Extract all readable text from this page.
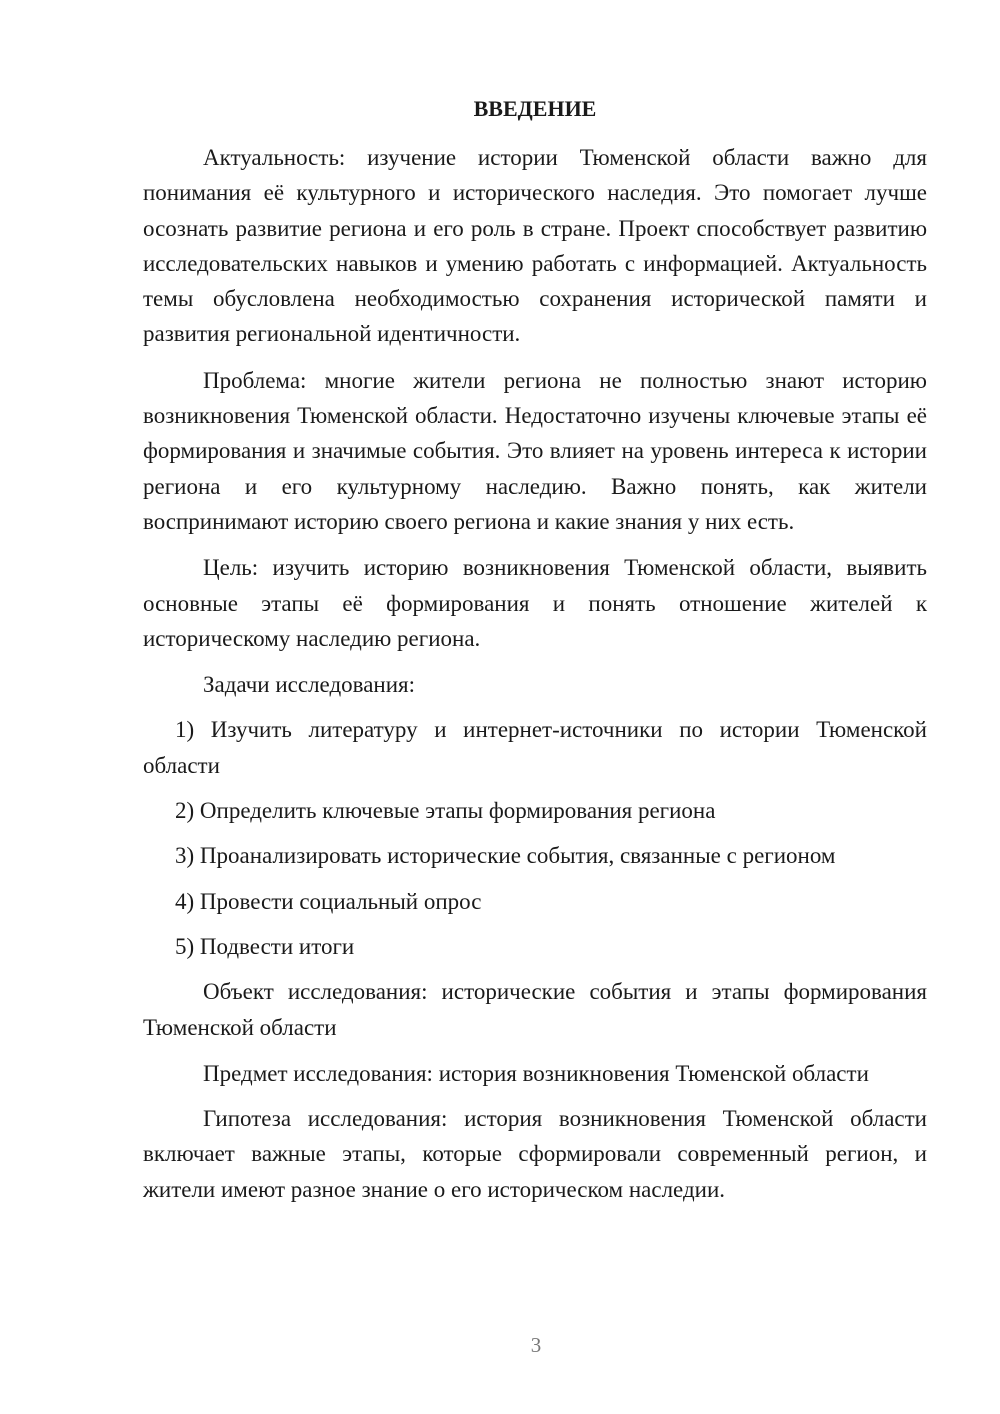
ВВЕДЕНИЕ

Актуальность: изучение истории Тюменской области важно для понимания её культурного и исторического наследия. Это помогает лучше осознать развитие региона и его роль в стране. Проект способствует развитию исследовательских навыков и умению работать с информацией. Актуальность темы обусловлена необходимостью сохранения исторической памяти и развития региональной идентичности.

Проблема: многие жители региона не полностью знают историю возникновения Тюменской области. Недостаточно изучены ключевые этапы её формирования и значимые события. Это влияет на уровень интереса к истории региона и его культурному наследию. Важно понять, как жители воспринимают историю своего региона и какие знания у них есть.

Цель: изучить историю возникновения Тюменской области, выявить основные этапы её формирования и понять отношение жителей к историческому наследию региона.

Задачи исследования:

1) Изучить литературу и интернет-источники по истории Тюменской области

2) Определить ключевые этапы формирования региона

3) Проанализировать исторические события, связанные с регионом

4) Провести социальный опрос

5) Подвести итоги

Объект исследования: исторические события и этапы формирования Тюменской области

Предмет исследования: история возникновения Тюменской области

Гипотеза исследования: история возникновения Тюменской области включает важные этапы, которые сформировали современный регион, и жители имеют разное знание о его историческом наследии.

3
